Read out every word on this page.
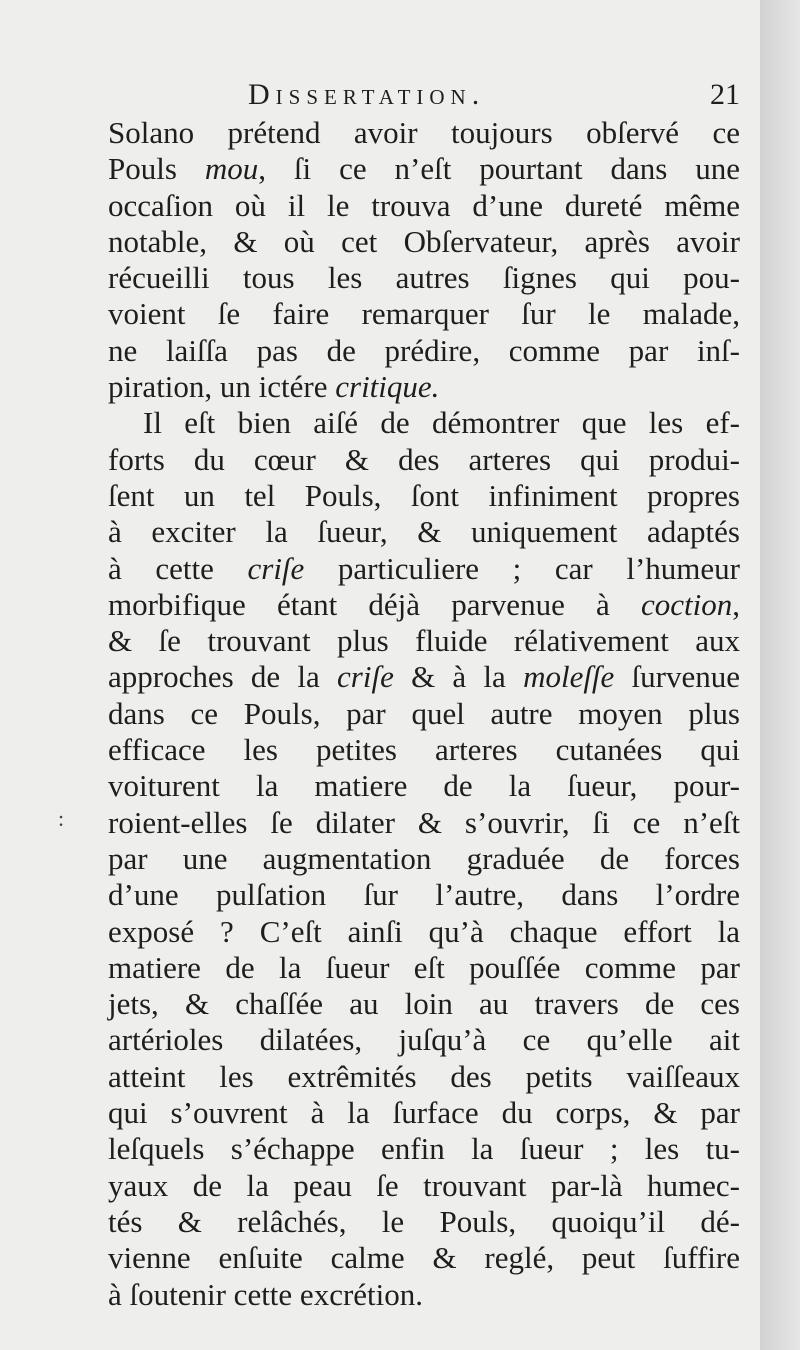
Dissertation.	21
:
Solano prétend avoir toujours obſervé ce
Pouls mou, ſi ce n’eſt pourtant dans une
occaſion où il le trouva d’une dureté même
notable, & où cet Obſervateur, après avoir
récueilli tous les autres ſignes qui pou-
voient ſe faire remarquer ſur le malade,
ne laiſſa pas de prédire, comme par inſ-
piration, un ictére critique.
Il eſt bien aiſé de démontrer que les ef-
forts du cœur & des arteres qui produi-
ſent un tel Pouls, ſont infiniment propres
à exciter la ſueur, & uniquement adaptés
à cette criſe particuliere ; car l’humeur
morbifique étant déjà parvenue à coction,
& ſe trouvant plus fluide rélativement aux
approches de la criſe & à la moleſſe ſurvenue
dans ce Pouls, par quel autre moyen plus
efficace les petites arteres cutanées qui
voiturent la matiere de la ſueur, pour-
roient-elles ſe dilater & s’ouvrir, ſi ce n’eſt
par une augmentation graduée de forces
d’une pulſation ſur l’autre, dans l’ordre
exposé ? C’eſt ainſi qu’à chaque effort la
matiere de la ſueur eſt pouſſée comme par
jets, & chaſſée au loin au travers de ces
artérioles dilatées, juſqu’à ce qu’elle ait
atteint les extrêmités des petits vaiſſeaux
qui s’ouvrent à la ſurface du corps, & par
leſquels s’échappe enfin la ſueur ; les tu-
yaux de la peau ſe trouvant par-là humec-
tés & relâchés, le Pouls, quoiqu’il dé-
vienne enſuite calme & reglé, peut ſuffire
à ſoutenir cette excrétion.
